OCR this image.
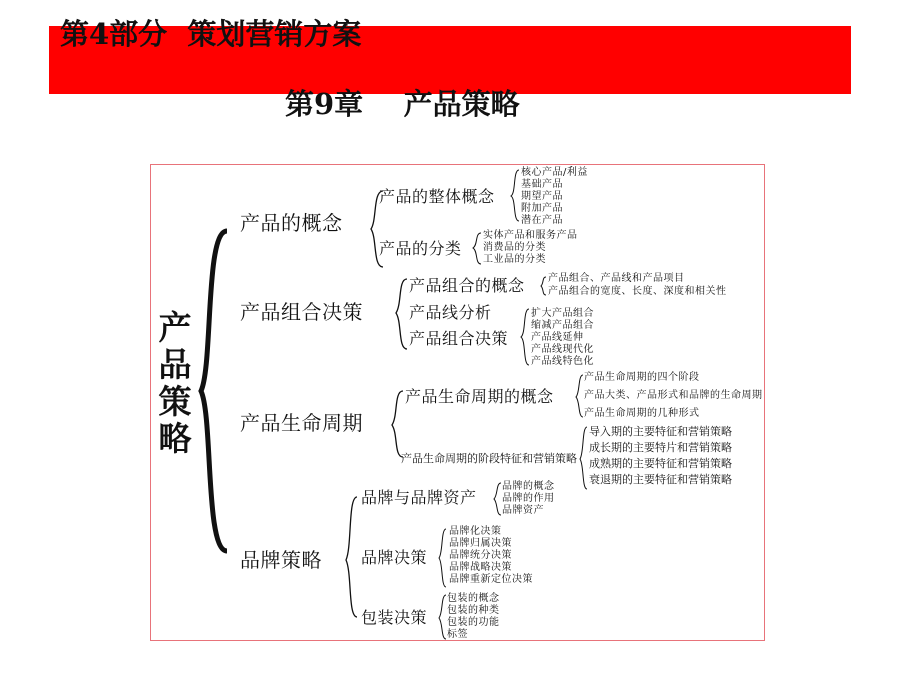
第4部分  策划营销方案
第9章    产品策略
产
品
策
略
产品的概念
产品的整体概念
核心产品/利益
基础产品
期望产品
附加产品
潜在产品
产品的分类
实体产品和服务产品
消费品的分类
工业品的分类
产品组合决策
产品组合的概念 产品组合、产品线和产品项目
产品组合的宽度、长度、深度和相关性
产品线分析
产品组合决策
扩大产品组合
缩减产品组合
产品线延伸
产品线现代化
产品线特色化
产品生命周期
产品生命周期的概念
产品生命周期的四个阶段
产品大类、产品形式和品牌的生命周期
产品生命周期的几种形式
产品生命周期的阶段特征和营销策略
导入期的主要特征和营销策略
成长期的主要特片和营销策略
成熟期的主要特征和营销策略
衰退期的主要特征和营销策略
品牌策略
品牌与品牌资产
品牌的概念
品牌的作用
品牌资产
品牌决策
品牌化决策
品牌归属决策
品牌统分决策
品牌战略决策
品牌重新定位决策
包装决策
包装的概念
包装的种类
包装的功能
标签
